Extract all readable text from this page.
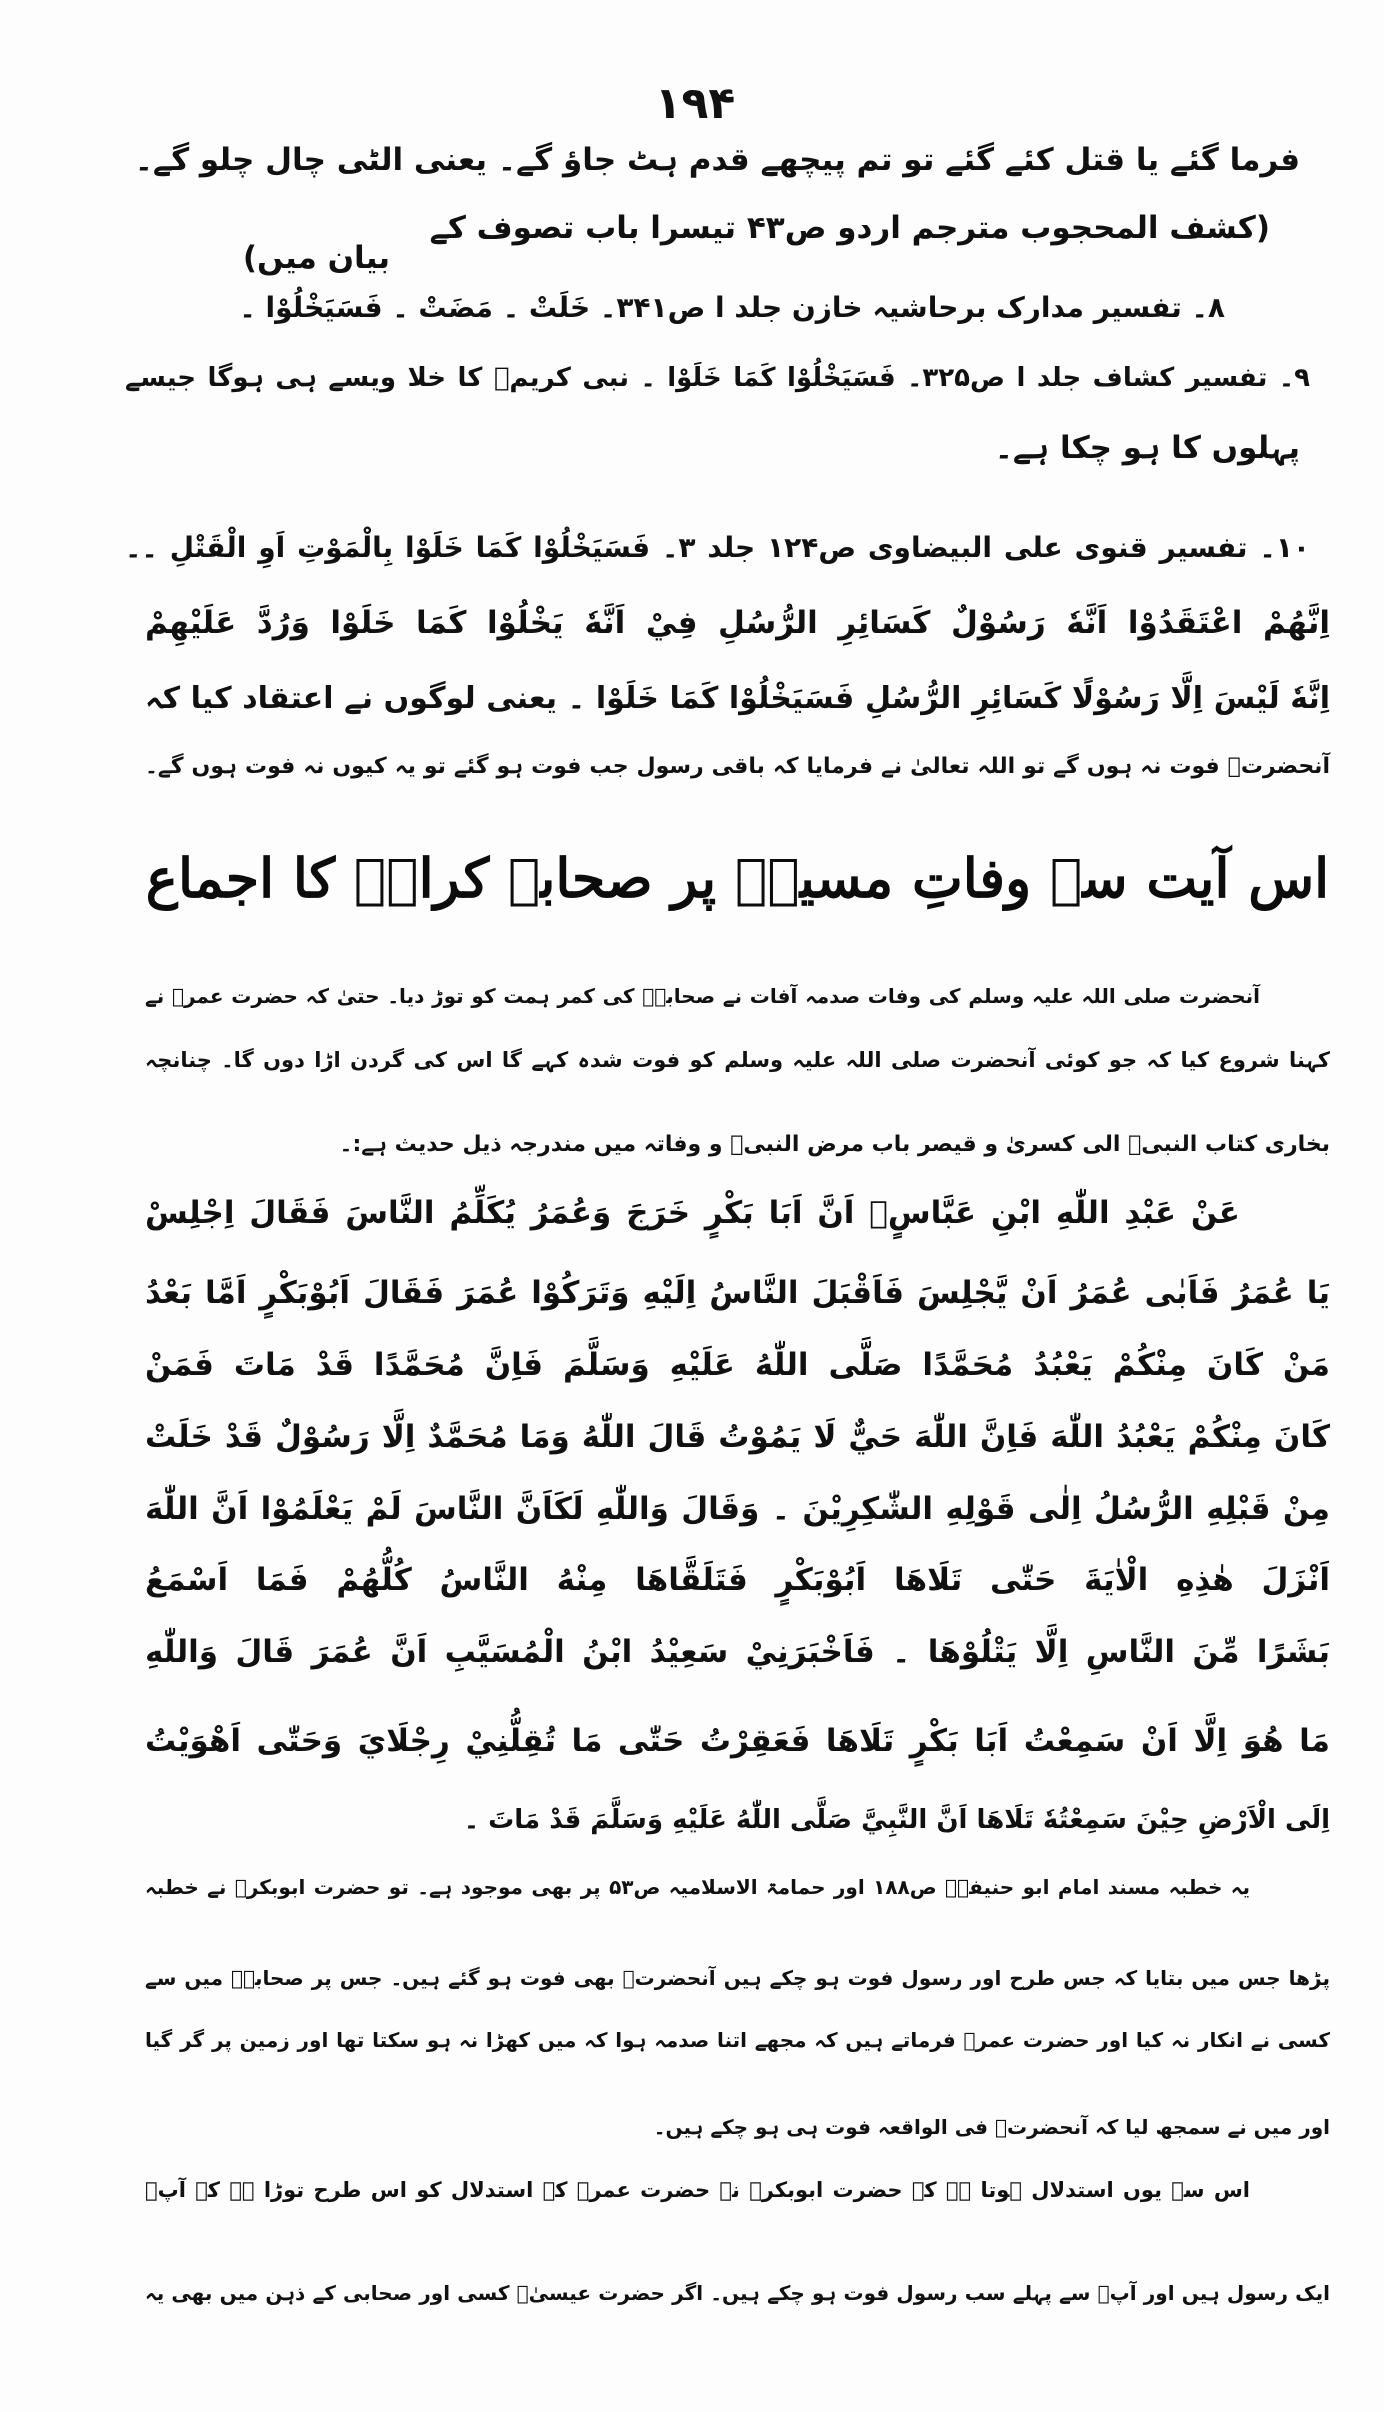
۱۹۴
فرما گئے یا قتل کئے گئے تو تم پیچھے قدم ہٹ جاؤ گے۔ یعنی الٹی چال چلو گے۔
(کشف المحجوب مترجم اردو ص۴۳ تیسرا باب تصوف کے
بیان میں)
۸۔ تفسیر مدارک برحاشیہ خازن جلد ا ص۳۴۱۔ خَلَتْ ۔ مَضَتْ ۔ فَسَيَخْلُوْا ۔
۹۔ تفسیر کشاف جلد ا ص۳۲۵۔ فَسَيَخْلُوْا كَمَا خَلَوْا ۔ نبی کریمؐ کا خلا ویسے ہی ہوگا جیسے
پہلوں کا ہو چکا ہے۔
۱۰۔ تفسیر قنوی علی البیضاوی ص۱۲۴ جلد ۳۔ فَسَيَخْلُوْا كَمَا خَلَوْا بِالْمَوْتِ اَوِ الْقَتْلِ ۔۔
اِنَّهُمْ اعْتَقَدُوْا اَنَّهٗ رَسُوْلٌ كَسَائِرِ الرُّسُلِ فِيْ اَنَّهٗ يَخْلُوْا كَمَا خَلَوْا وَرُدَّ عَلَيْهِمْ
اِنَّهٗ لَيْسَ اِلَّا رَسُوْلًا كَسَائِرِ الرُّسُلِ فَسَيَخْلُوْا كَمَا خَلَوْا ۔ یعنی لوگوں نے اعتقاد کیا کہ
آنحضرتؐ فوت نہ ہوں گے تو اللہ تعالیٰ نے فرمایا کہ باقی رسول جب فوت ہو گئے تو یہ کیوں نہ فوت ہوں گے۔
اس آیت سے وفاتِ مسیحؑ پر صحابہ کرامؓ کا اجماع
آنحضرت صلی اللہ علیہ وسلم کی وفات صدمہ آفات نے صحابہؓ کی کمر ہمت کو توڑ دیا۔ حتیٰ کہ حضرت عمرؓ نے
کہنا شروع کیا کہ جو کوئی آنحضرت صلی اللہ علیہ وسلم کو فوت شدہ کہے گا اس کی گردن اڑا دوں گا۔ چنانچہ
بخاری کتاب النبیؐ الی کسریٰ و قیصر باب مرض النبیؐ و وفاتہ میں مندرجہ ذیل حدیث ہے:۔
عَنْ عَبْدِ اللّٰهِ ابْنِ عَبَّاسٍؓ اَنَّ اَبَا بَكْرٍ خَرَجَ وَعُمَرُ يُكَلِّمُ النَّاسَ فَقَالَ اِجْلِسْ
يَا عُمَرُ فَاَبٰى عُمَرُ اَنْ يَّجْلِسَ فَاَقْبَلَ النَّاسُ اِلَيْهِ وَتَرَكُوْا عُمَرَ فَقَالَ اَبُوْبَكْرٍ اَمَّا بَعْدُ
مَنْ كَانَ مِنْكُمْ يَعْبُدُ مُحَمَّدًا صَلَّى اللّٰهُ عَلَيْهِ وَسَلَّمَ فَاِنَّ مُحَمَّدًا قَدْ مَاتَ فَمَنْ
كَانَ مِنْكُمْ يَعْبُدُ اللّٰهَ فَاِنَّ اللّٰهَ حَيٌّ لَا يَمُوْتُ قَالَ اللّٰهُ وَمَا مُحَمَّدٌ اِلَّا رَسُوْلٌ قَدْ خَلَتْ
مِنْ قَبْلِهِ الرُّسُلُ اِلٰى قَوْلِهِ الشّٰكِرِيْنَ ۔ وَقَالَ وَاللّٰهِ لَكَاَنَّ النَّاسَ لَمْ يَعْلَمُوْا اَنَّ اللّٰهَ
اَنْزَلَ هٰذِهِ الْاٰيَةَ حَتّٰى تَلَاهَا اَبُوْبَكْرٍ فَتَلَقَّاهَا مِنْهُ النَّاسُ كُلُّهُمْ فَمَا اَسْمَعُ
بَشَرًا مِّنَ النَّاسِ اِلَّا يَتْلُوْهَا ۔ فَاَخْبَرَنِيْ سَعِيْدُ ابْنُ الْمُسَيَّبِ اَنَّ عُمَرَ قَالَ وَاللّٰهِ
مَا هُوَ اِلَّا اَنْ سَمِعْتُ اَبَا بَكْرٍ تَلَاهَا فَعَقِرْتُ حَتّٰى مَا تُقِلُّنِيْ رِجْلَايَ وَحَتّٰى اَهْوَيْتُ
اِلَى الْاَرْضِ حِيْنَ سَمِعْتُهٗ تَلَاهَا اَنَّ النَّبِيَّ صَلَّى اللّٰهُ عَلَيْهِ وَسَلَّمَ قَدْ مَاتَ ۔
یہ خطبہ مسند امام ابو حنیفہؒ ص۱۸۸ اور حمامۃ الاسلامیہ ص۵۳ پر بھی موجود ہے۔ تو حضرت ابوبکرؓ نے خطبہ
پڑھا جس میں بتایا کہ جس طرح اور رسول فوت ہو چکے ہیں آنحضرتؐ بھی فوت ہو گئے ہیں۔ جس پر صحابہؓ میں سے
کسی نے انکار نہ کیا اور حضرت عمرؓ فرماتے ہیں کہ مجھے اتنا صدمہ ہوا کہ میں کھڑا نہ ہو سکتا تھا اور زمین پر گر گیا
اور میں نے سمجھ لیا کہ آنحضرتؐ فی الواقعہ فوت ہی ہو چکے ہیں۔
اس سے یوں استدلال ہوتا ہے کہ حضرت ابوبکرؓ نے حضرت عمرؓ کے استدلال کو اس طرح توڑا ہے کہ آپؐ
ایک رسول ہیں اور آپؐ سے پہلے سب رسول فوت ہو چکے ہیں۔ اگر حضرت عیسیٰؑ کسی اور صحابی کے ذہن میں بھی یہ
